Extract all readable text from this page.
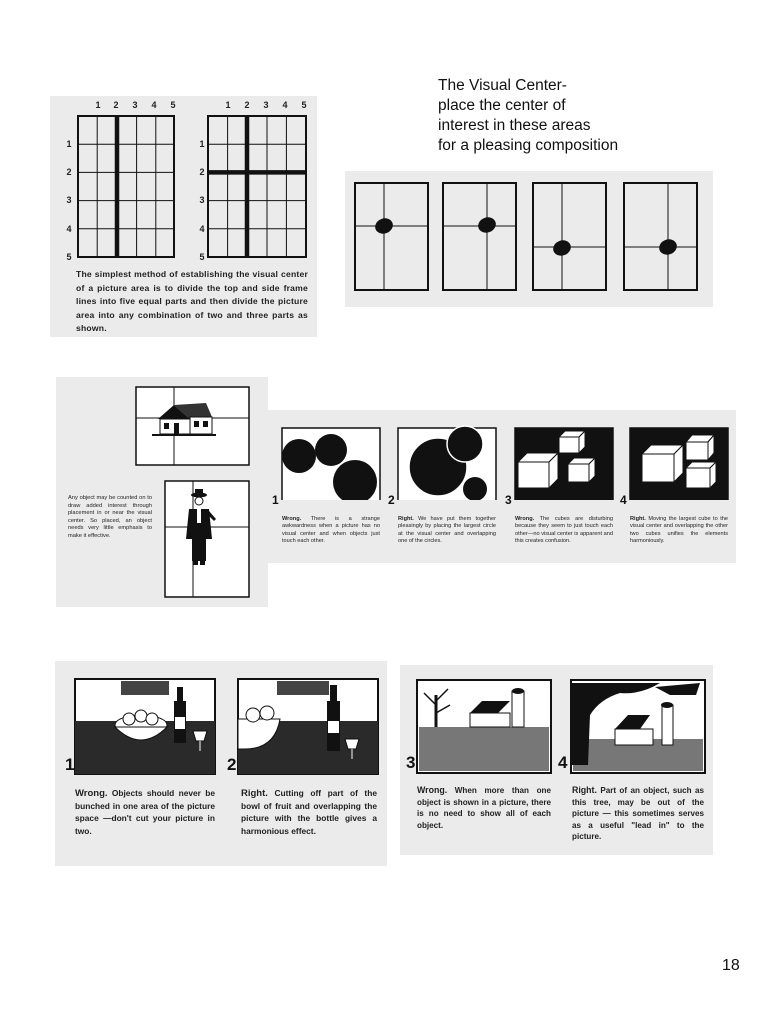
1 2 3 4 5	1 2 3 4 5
1
2
3
4
5
1
2
3
4
5
The simplest method of establishing the visual center of a picture area is to divide the top and side frame lines into five equal parts and then divide the picture area into any combination of two and three parts as shown.
The Visual Center-
place the center of
interest in these areas
for a pleasing composition
Any object may be counted on to draw added interest through placement in or near the visual center. So placed, an object needs very little emphasis to make it effective.
1	2	3	4
Wrong. There is a strange awkwardness when a picture has no visual center and when objects just touch each other.
Right. We have put them together pleasingly by placing the largest circle at the visual center and overlapping one of the circles.
Wrong. The cubes are disturbing because they seem to just touch each other—no visual center is apparent and this creates confusion.
Right. Moving the largest cube to the visual center and overlapping the other two cubes unifies the elements harmoniously.
1	2
Wrong. Objects should never be bunched in one area of the picture space —don't cut your picture in two.
Right. Cutting off part of the bowl of fruit and overlapping the picture with the bottle gives a harmonious effect.
3	4
Wrong. When more than one object is shown in a picture, there is no need to show all of each object.
Right. Part of an object, such as this tree, may be out of the picture — this sometimes serves as a useful "lead in" to the picture.
18
